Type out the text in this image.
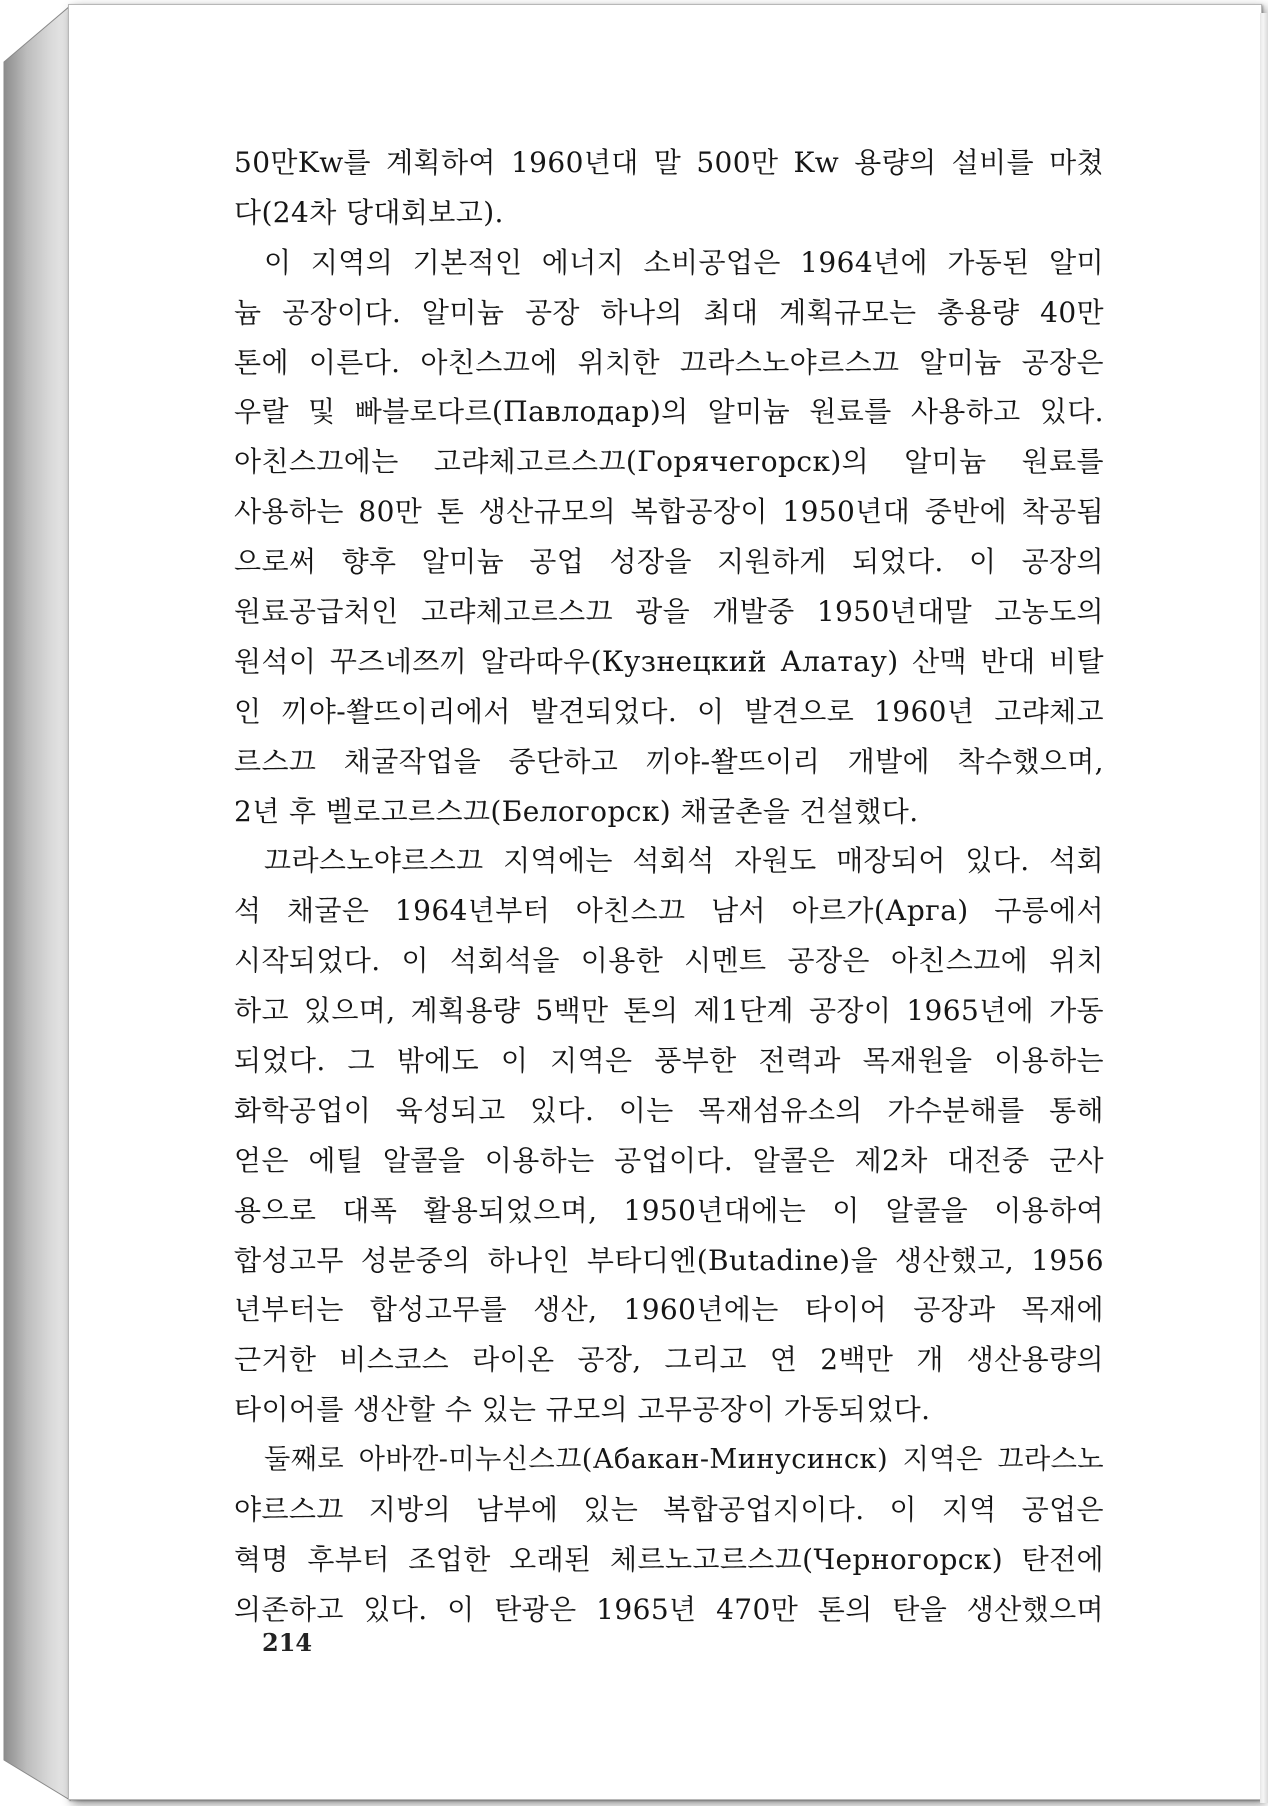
50만Kw를 계획하여 1960년대 말 500만 Kw 용량의 설비를 마쳤
다(24차 당대회보고).
이 지역의 기본적인 에너지 소비공업은 1964년에 가동된 알미
늄 공장이다. 알미늄 공장 하나의 최대 계획규모는 총용량 40만
톤에 이른다. 아친스끄에 위치한 끄라스노야르스끄 알미늄 공장은
우랄 및 빠블로다르(Павлодар)의 알미늄 원료를 사용하고 있다.
아친스끄에는 고랴체고르스끄(Горячегорск)의 알미늄 원료를
사용하는 80만 톤 생산규모의 복합공장이 1950년대 중반에 착공됨
으로써 향후 알미늄 공업 성장을 지원하게 되었다. 이 공장의
원료공급처인 고랴체고르스끄 광을 개발중 1950년대말 고농도의
원석이 꾸즈네쯔끼 알라따우(Кузнецкий Алатау) 산맥 반대 비탈
인 끼야-쏼뜨이리에서 발견되었다. 이 발견으로 1960년 고랴체고
르스끄 채굴작업을 중단하고 끼야-쏼뜨이리 개발에 착수했으며,
2년 후 벨로고르스끄(Белогорск) 채굴촌을 건설했다.
끄라스노야르스끄 지역에는 석회석 자원도 매장되어 있다. 석회
석 채굴은 1964년부터 아친스끄 남서 아르가(Арга) 구릉에서
시작되었다. 이 석회석을 이용한 시멘트 공장은 아친스끄에 위치
하고 있으며, 계획용량 5백만 톤의 제1단계 공장이 1965년에 가동
되었다. 그 밖에도 이 지역은 풍부한 전력과 목재원을 이용하는
화학공업이 육성되고 있다. 이는 목재섬유소의 가수분해를 통해
얻은 에틸 알콜을 이용하는 공업이다. 알콜은 제2차 대전중 군사
용으로 대폭 활용되었으며, 1950년대에는 이 알콜을 이용하여
합성고무 성분중의 하나인 부타디엔(Butadine)을 생산했고, 1956
년부터는 합성고무를 생산, 1960년에는 타이어 공장과 목재에
근거한 비스코스 라이온 공장, 그리고 연 2백만 개 생산용량의
타이어를 생산할 수 있는 규모의 고무공장이 가동되었다.
둘째로 아바깐-미누신스끄(Абакан-Минусинск) 지역은 끄라스노
야르스끄 지방의 남부에 있는 복합공업지이다. 이 지역 공업은
혁명 후부터 조업한 오래된 체르노고르스끄(Черногорск) 탄전에
의존하고 있다. 이 탄광은 1965년 470만 톤의 탄을 생산했으며
214
